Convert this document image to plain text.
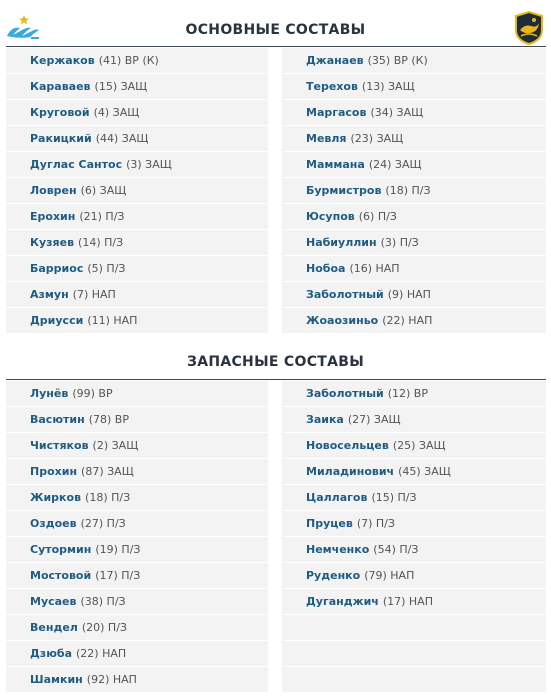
ОСНОВНЫЕ СОСТАВЫ
Кержаков (41) ВР (К)
Караваев (15) ЗАЩ
Круговой (4) ЗАЩ
Ракицкий (44) ЗАЩ
Дуглас Сантос (3) ЗАЩ
Ловрен (6) ЗАЩ
Ерохин (21) П/З
Кузяев (14) П/З
Барриос (5) П/З
Азмун (7) НАП
Дриусси (11) НАП
Джанаев (35) ВР (К)
Терехов (13) ЗАЩ
Маргасов (34) ЗАЩ
Мевля (23) ЗАЩ
Маммана (24) ЗАЩ
Бурмистров (18) П/З
Юсупов (6) П/З
Набиуллин (3) П/З
Нобоа (16) НАП
Заболотный (9) НАП
Жоаозиньо (22) НАП
ЗАПАСНЫЕ СОСТАВЫ
Лунёв (99) ВР
Васютин (78) ВР
Чистяков (2) ЗАЩ
Прохин (87) ЗАЩ
Жирков (18) П/З
Оздоев (27) П/З
Сутормин (19) П/З
Мостовой (17) П/З
Мусаев (38) П/З
Вендел (20) П/З
Дзюба (22) НАП
Шамкин (92) НАП
Заболотный (12) ВР
Заика (27) ЗАЩ
Новосельцев (25) ЗАЩ
Миладинович (45) ЗАЩ
Цаллагов (15) П/З
Пруцев (7) П/З
Немченко (54) П/З
Руденко (79) НАП
Дуганджич (17) НАП
